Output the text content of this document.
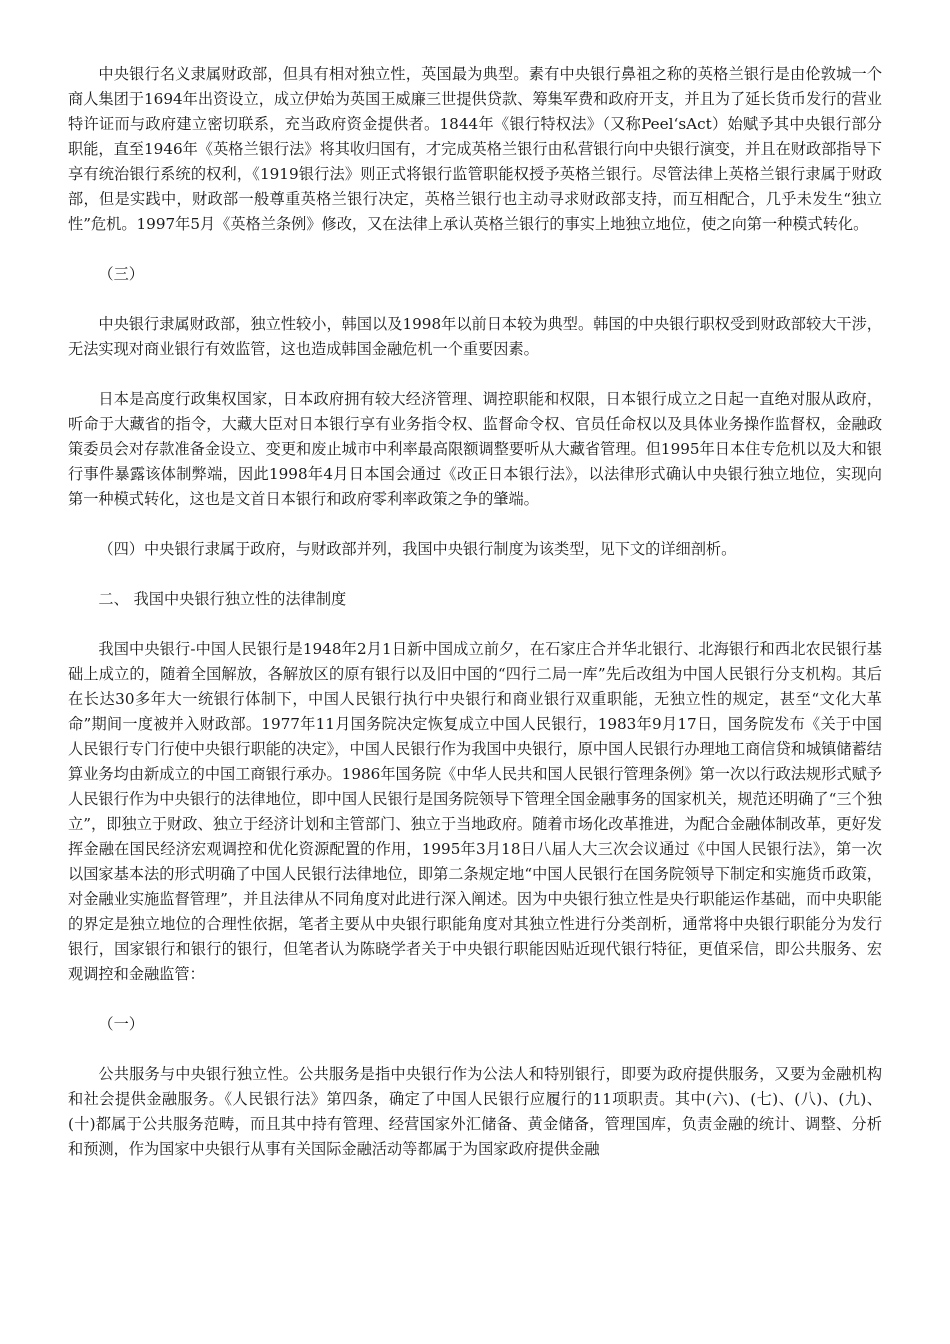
中央银行名义隶属财政部，但具有相对独立性，英国最为典型。素有中央银行鼻祖之称的英格兰银行是由伦敦城一个商人集团于1694年出资设立，成立伊始为英国王威廉三世提供贷款、筹集军费和政府开支，并且为了延长货币发行的营业特许证而与政府建立密切联系，充当政府资金提供者。1844年《银行特权法》（又称Peel‘sAct）始赋予其中央银行部分职能，直至1946年《英格兰银行法》将其收归国有，才完成英格兰银行由私营银行向中央银行演变，并且在财政部指导下享有统治银行系统的权利，《1919银行法》则正式将银行监管职能权授予英格兰银行。尽管法律上英格兰银行隶属于财政部，但是实践中，财政部一般尊重英格兰银行决定，英格兰银行也主动寻求财政部支持，而互相配合，几乎未发生“独立性”危机。1997年5月《英格兰条例》修改，又在法律上承认英格兰银行的事实上地独立地位，使之向第一种模式转化。

（三）

中央银行隶属财政部，独立性较小，韩国以及1998年以前日本较为典型。韩国的中央银行职权受到财政部较大干涉，无法实现对商业银行有效监管，这也造成韩国金融危机一个重要因素。

日本是高度行政集权国家，日本政府拥有较大经济管理、调控职能和权限，日本银行成立之日起一直绝对服从政府，听命于大藏省的指令，大藏大臣对日本银行享有业务指令权、监督命令权、官员任命权以及具体业务操作监督权，金融政策委员会对存款准备金设立、变更和废止城市中利率最高限额调整要听从大藏省管理。但1995年日本住专危机以及大和银行事件暴露该体制弊端，因此1998年4月日本国会通过《改正日本银行法》，以法律形式确认中央银行独立地位，实现向第一种模式转化，这也是文首日本银行和政府零利率政策之争的肇端。

（四）中央银行隶属于政府，与财政部并列，我国中央银行制度为该类型，见下文的详细剖析。

二、 我国中央银行独立性的法律制度

我国中央银行-中国人民银行是1948年2月1日新中国成立前夕，在石家庄合并华北银行、北海银行和西北农民银行基础上成立的，随着全国解放，各解放区的原有银行以及旧中国的“四行二局一库”先后改组为中国人民银行分支机构。其后在长达30多年大一统银行体制下，中国人民银行执行中央银行和商业银行双重职能，无独立性的规定，甚至“文化大革命”期间一度被并入财政部。1977年11月国务院决定恢复成立中国人民银行，1983年9月17日，国务院发布《关于中国人民银行专门行使中央银行职能的决定》，中国人民银行作为我国中央银行，原中国人民银行办理地工商信贷和城镇储蓄结算业务均由新成立的中国工商银行承办。1986年国务院《中华人民共和国人民银行管理条例》第一次以行政法规形式赋予人民银行作为中央银行的法律地位，即中国人民银行是国务院领导下管理全国金融事务的国家机关，规范还明确了“三个独立”，即独立于财政、独立于经济计划和主管部门、独立于当地政府。随着市场化改革推进，为配合金融体制改革，更好发挥金融在国民经济宏观调控和优化资源配置的作用，1995年3月18日八届人大三次会议通过《中国人民银行法》，第一次以国家基本法的形式明确了中国人民银行法律地位，即第二条规定地“中国人民银行在国务院领导下制定和实施货币政策，对金融业实施监督管理”，并且法律从不同角度对此进行深入阐述。因为中央银行独立性是央行职能运作基础，而中央职能的界定是独立地位的合理性依据，笔者主要从中央银行职能角度对其独立性进行分类剖析，通常将中央银行职能分为发行银行，国家银行和银行的银行，但笔者认为陈晓学者关于中央银行职能因贴近现代银行特征，更值采信，即公共服务、宏观调控和金融监管：

（一）

公共服务与中央银行独立性。公共服务是指中央银行作为公法人和特别银行，即要为政府提供服务，又要为金融机构和社会提供金融服务。《人民银行法》第四条，确定了中国人民银行应履行的11项职责。其中(六)、(七)、(八)、(九)、(十)都属于公共服务范畴，而且其中持有管理、经营国家外汇储备、黄金储备，管理国库，负责金融的统计、调整、分析和预测，作为国家中央银行从事有关国际金融活动等都属于为国家政府提供金融
